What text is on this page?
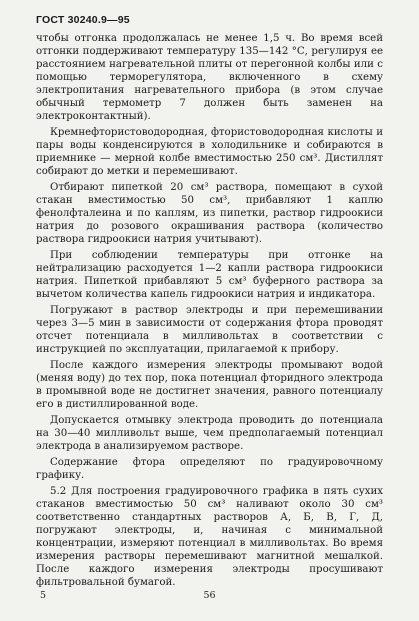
ГОСТ 30240.9—95

чтобы отгонка продолжалась не менее 1,5 ч. Во время всей отгонки поддерживают температуру 135—142 °С, регулируя ее расстоянием нагревательной плиты от перегонной колбы или с помощью терморегулятора, включенного в схему электропитания нагревательного прибора (в этом случае обычный термометр 7 должен быть заменен на электроконтактный).

Кремнефтористоводородная, фтористоводородная кислоты и пары воды конденсируются в холодильнике и собираются в приемнике — мерной колбе вместимостью 250 см³. Дистиллят собирают до метки и перемешивают.

Отбирают пипеткой 20 см³ раствора, помещают в сухой стакан вместимостью 50 см³, прибавляют 1 каплю фенолфталеина и по каплям, из пипетки, раствор гидроокиси натрия до розового окрашивания раствора (количество раствора гидроокиси натрия учитывают).

При соблюдении температуры при отгонке на нейтрализацию расходуется 1—2 капли раствора гидроокиси натрия. Пипеткой прибавляют 5 см³ буферного раствора за вычетом количества капель гидроокиси натрия и индикатора.

Погружают в раствор электроды и при перемешивании через 3—5 мин в зависимости от содержания фтора проводят отсчет потенциала в милливольтах в соответствии с инструкцией по эксплуатации, прилагаемой к прибору.

После каждого измерения электроды промывают водой (меняя воду) до тех пор, пока потенциал фторидного электрода в промывной воде не достигнет значения, равного потенциалу его в дистиллированной воде.

Допускается отмывку электрода проводить до потенциала на 30—40 милливольт выше, чем предполагаемый потенциал электрода в анализируемом растворе.

Содержание фтора определяют по градуировочному графику.

5.2 Для построения градуировочного графика в пять сухих стаканов вместимостью 50 см³ наливают около 30 см³ соответственно стандартных растворов А, Б, В, Г, Д, погружают электроды, и, начиная с минимальной концентрации, измеряют потенциал в милливольтах. Во время измерения растворы перемешивают магнитной мешалкой. После каждого измерения электроды просушивают фильтровальной бумагой.

5	56
